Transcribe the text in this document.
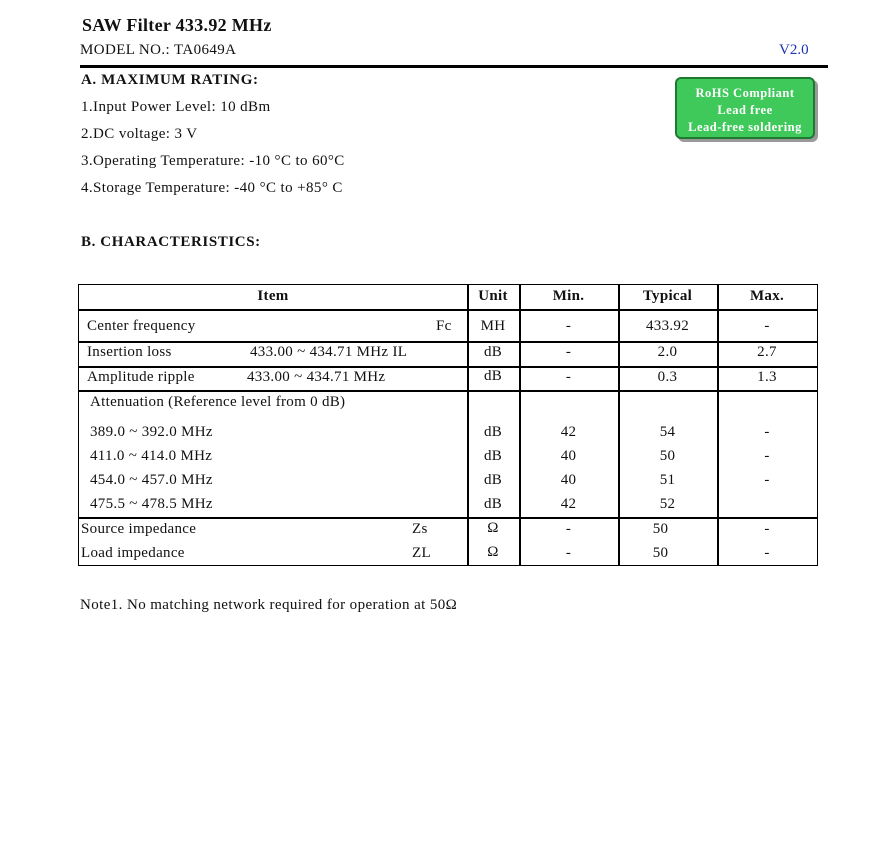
SAW Filter 433.92 MHz
MODEL NO.: TA0649A	V2.0
A. MAXIMUM RATING:
1.Input Power Level: 10 dBm
2.DC voltage: 3 V
3.Operating Temperature: -10 °C to 60°C
4.Storage Temperature: -40 °C to +85° C
RoHS Compliant
Lead free
Lead-free soldering
B. CHARACTERISTICS:
Item	Unit	Min.	Typical	Max.
Center frequency	Fc	MH	-	433.92	-
Insertion loss	433.00 ~ 434.71 MHz IL	dB	-	2.0	2.7
Amplitude ripple	433.00 ~ 434.71 MHz	dB	-	0.3	1.3
Attenuation (Reference level from 0 dB)
389.0 ~ 392.0 MHz	dB	42	54	-
411.0 ~ 414.0 MHz	dB	40	50	-
454.0 ~ 457.0 MHz	dB	40	51	-
475.5 ~ 478.5 MHz	dB	42	52
Source impedance	Zs	Ω	-	50	-
Load impedance	ZL	Ω	-	50	-
Note1. No matching network required for operation at 50Ω
